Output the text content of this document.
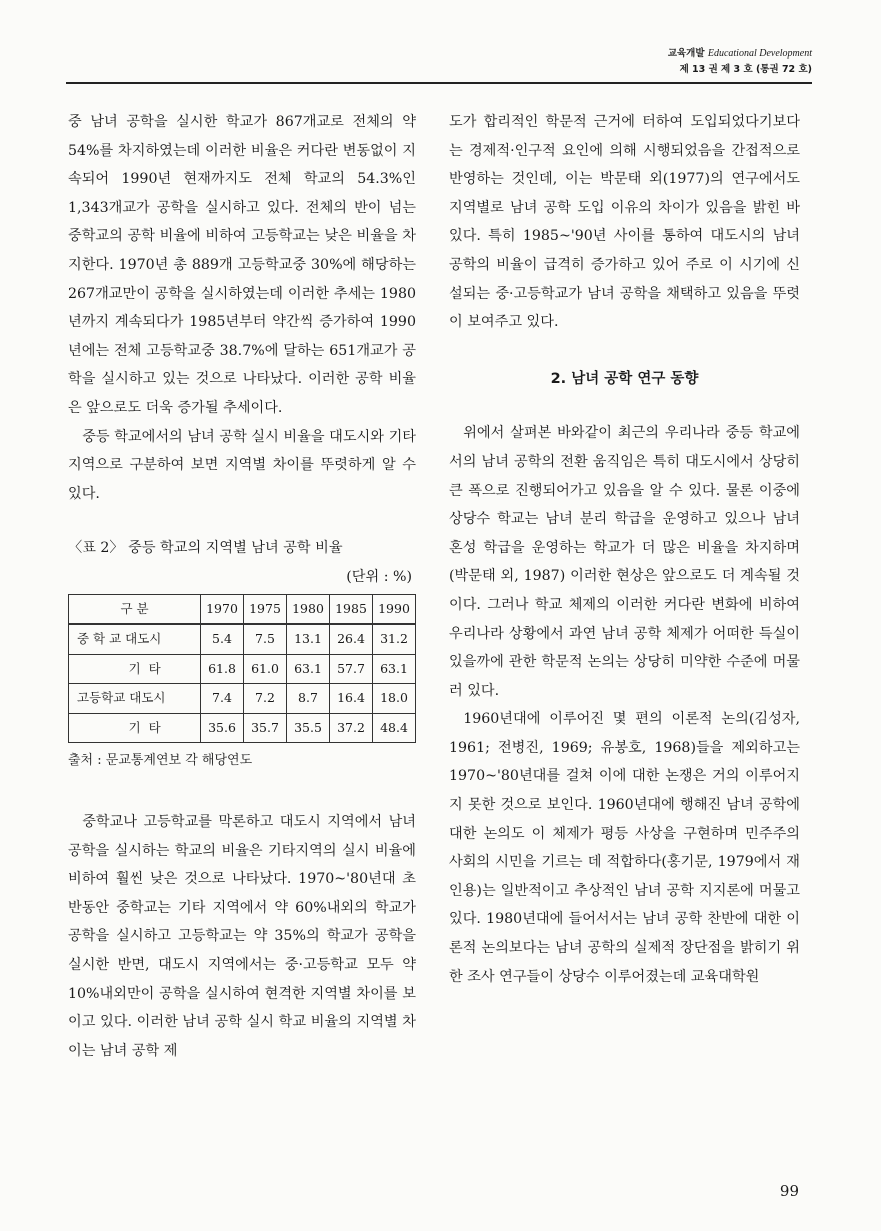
교육개발 Educational Development
제 13 권 제 3 호 (통권 72 호)

중 남녀 공학을 실시한 학교가 867개교로 전체의 약 54%를 차지하였는데 이러한 비율은 커다란 변동없이 지속되어 1990년 현재까지도 전체 학교의 54.3%인 1,343개교가 공학을 실시하고 있다. 전체의 반이 넘는 중학교의 공학 비율에 비하여 고등학교는 낮은 비율을 차지한다. 1970년 총 889개 고등학교중 30%에 해당하는 267개교만이 공학을 실시하였는데 이러한 추세는 1980년까지 계속되다가 1985년부터 약간씩 증가하여 1990년에는 전체 고등학교중 38.7%에 달하는 651개교가 공학을 실시하고 있는 것으로 나타났다. 이러한 공학 비율은 앞으로도 더욱 증가될 추세이다.

중등 학교에서의 남녀 공학 실시 비율을 대도시와 기타 지역으로 구분하여 보면 지역별 차이를 뚜렷하게 알 수 있다.

〈표 2〉 중등 학교의 지역별 남녀 공학 비율

(단위 : %)

구 분	1970	1975	1980	1985	1990
중 학 교 대도시	5.4	7.5	13.1	26.4	31.2
기  타	61.8	61.0	63.1	57.7	63.1
고등학교 대도시	7.4	7.2	8.7	16.4	18.0
기  타	35.6	35.7	35.5	37.2	48.4

출처 : 문교통계연보 각 해당연도

중학교나 고등학교를 막론하고 대도시 지역에서 남녀 공학을 실시하는 학교의 비율은 기타지역의 실시 비율에 비하여 훨씬 낮은 것으로 나타났다. 1970~'80년대 초반동안 중학교는 기타 지역에서 약 60%내외의 학교가 공학을 실시하고 고등학교는 약 35%의 학교가 공학을 실시한 반면, 대도시 지역에서는 중·고등학교 모두 약 10%내외만이 공학을 실시하여 현격한 지역별 차이를 보이고 있다. 이러한 남녀 공학 실시 학교 비율의 지역별 차이는 남녀 공학 제

도가 합리적인 학문적 근거에 터하여 도입되었다기보다는 경제적·인구적 요인에 의해 시행되었음을 간접적으로 반영하는 것인데, 이는 박문태 외(1977)의 연구에서도 지역별로 남녀 공학 도입 이유의 차이가 있음을 밝힌 바 있다. 특히 1985~'90년 사이를 통하여 대도시의 남녀 공학의 비율이 급격히 증가하고 있어 주로 이 시기에 신설되는 중·고등학교가 남녀 공학을 채택하고 있음을 뚜렷이 보여주고 있다.

2. 남녀 공학 연구 동향

위에서 살펴본 바와같이 최근의 우리나라 중등 학교에서의 남녀 공학의 전환 움직임은 특히 대도시에서 상당히 큰 폭으로 진행되어가고 있음을 알 수 있다. 물론 이중에 상당수 학교는 남녀 분리 학급을 운영하고 있으나 남녀 혼성 학급을 운영하는 학교가 더 많은 비율을 차지하며(박문태 외, 1987) 이러한 현상은 앞으로도 더 계속될 것이다. 그러나 학교 체제의 이러한 커다란 변화에 비하여 우리나라 상황에서 과연 남녀 공학 체제가 어떠한 득실이 있을까에 관한 학문적 논의는 상당히 미약한 수준에 머물러 있다.

1960년대에 이루어진 몇 편의 이론적 논의(김성자, 1961; 전병진, 1969; 유봉호, 1968)들을 제외하고는 1970~'80년대를 걸쳐 이에 대한 논쟁은 거의 이루어지지 못한 것으로 보인다. 1960년대에 행해진 남녀 공학에 대한 논의도 이 체제가 평등 사상을 구현하며 민주주의 사회의 시민을 기르는 데 적합하다(홍기문, 1979에서 재인용)는 일반적이고 추상적인 남녀 공학 지지론에 머물고 있다. 1980년대에 들어서서는 남녀 공학 찬반에 대한 이론적 논의보다는 남녀 공학의 실제적 장단점을 밝히기 위한 조사 연구들이 상당수 이루어졌는데 교육대학원

99
